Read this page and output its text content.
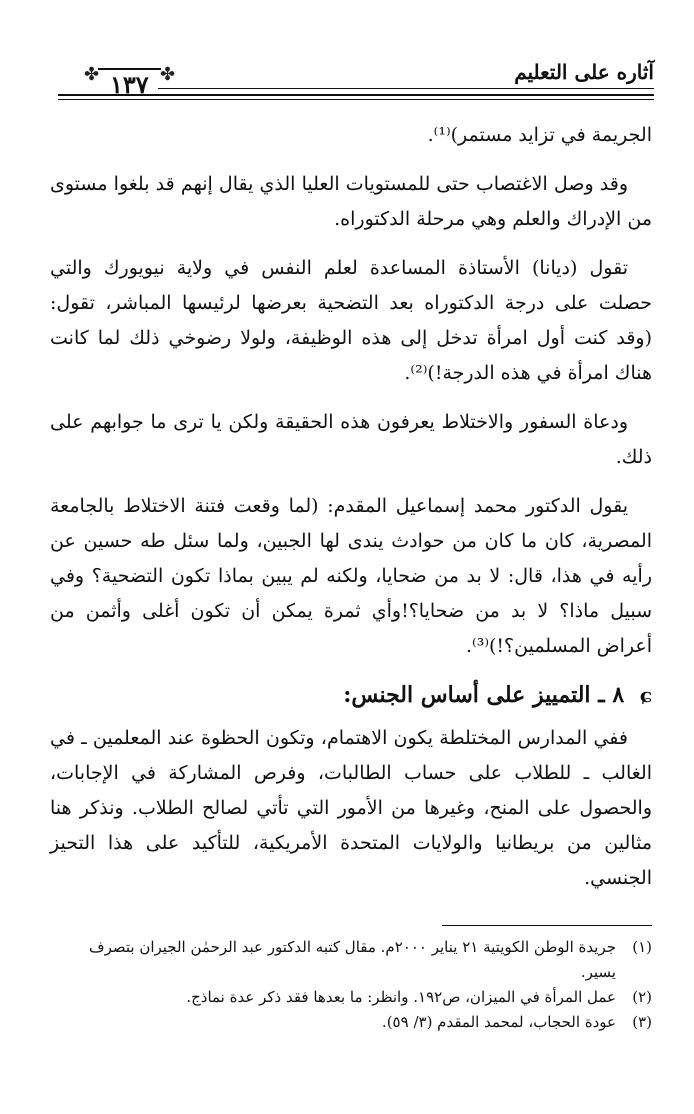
آثاره على التعليم
✤ ١٣٧ ✤

الجريمة في تزايد مستمر)⁽¹⁾.

وقد وصل الاغتصاب حتى للمستويات العليا الذي يقال إنهم قد بلغوا مستوى من الإدراك والعلم وهي مرحلة الدكتوراه.

تقول (ديانا) الأستاذة المساعدة لعلم النفس في ولاية نيويورك والتي حصلت على درجة الدكتوراه بعد التضحية بعرضها لرئيسها المباشر، تقول: (وقد كنت أول امرأة تدخل إلى هذه الوظيفة، ولولا رضوخي ذلك لما كانت هناك امرأة في هذه الدرجة!)⁽²⁾.

ودعاة السفور والاختلاط يعرفون هذه الحقيقة ولكن يا ترى ما جوابهم على ذلك.

يقول الدكتور محمد إسماعيل المقدم: (لما وقعت فتنة الاختلاط بالجامعة المصرية، كان ما كان من حوادث يندى لها الجبين، ولما سئل طه حسين عن رأيه في هذا، قال: لا بد من ضحايا، ولكنه لم يبين بماذا تكون التضحية؟ وفي سبيل ماذا؟ لا بد من ضحايا؟!وأي ثمرة يمكن أن تكون أغلى وأثمن من أعراض المسلمين؟!)⁽³⁾.

ɕ ٨ ـ التمييز على أساس الجنس:

ففي المدارس المختلطة يكون الاهتمام، وتكون الحظوة عند المعلمين ـ في الغالب ـ للطلاب على حساب الطالبات، وفرص المشاركة في الإجابات، والحصول على المنح، وغيرها من الأمور التي تأتي لصالح الطلاب. ونذكر هنا مثالين من بريطانيا والولايات المتحدة الأمريكية، للتأكيد على هذا التحيز الجنسي.

(١)
جريدة الوطن الكويتية ٢١ يناير ٢٠٠٠م. مقال كتبه الدكتور عبد الرحمٰن الجيران بتصرف يسير.
(٢)
عمل المرأة في الميزان، ص١٩٢. وانظر: ما بعدها فقد ذكر عدة نماذج.
(٣)
عودة الحجاب، لمحمد المقدم (٣/ ٥٩).
